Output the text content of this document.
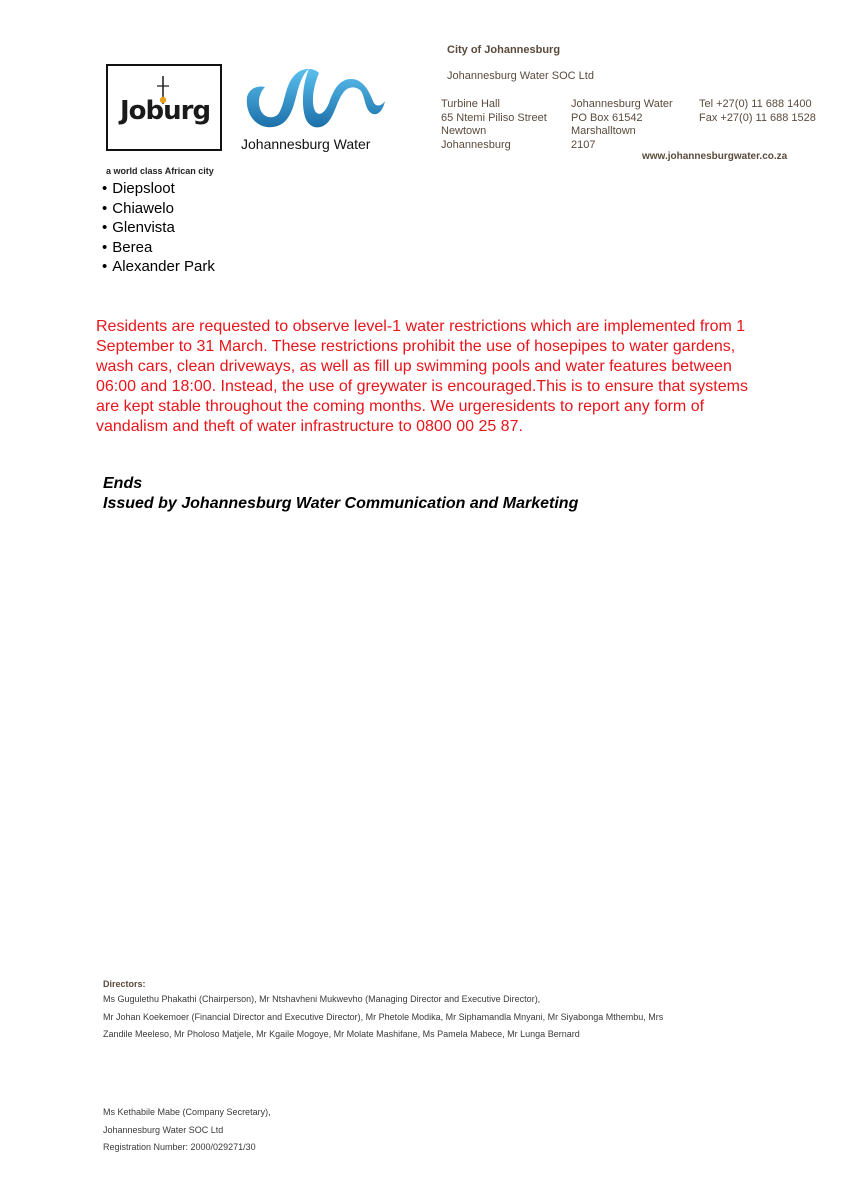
City of Johannesburg
Johannesburg Water SOC Ltd
Turbine Hall
65 Ntemi Piliso Street
Newtown
Johannesburg
Johannesburg Water
PO Box 61542
Marshalltown
2107
Tel +27(0) 11 688 1400
Fax +27(0) 11 688 1528
www.johannesburgwater.co.za
Joburg
a world class African city
Johannesburg Water
• Diepsloot
• Chiawelo
• Glenvista
• Berea
• Alexander Park

Residents are requested to observe level-1 water restrictions which are implemented from 1 September to 31 March. These restrictions prohibit the use of hosepipes to water gardens, wash cars, clean driveways, as well as fill up swimming pools and water features between 06:00 and 18:00. Instead, the use of greywater is encouraged.This is to ensure that systems are kept stable throughout the coming months. We urgeresidents to report any form of vandalism and theft of water infrastructure to 0800 00 25 87.

Ends
Issued by Johannesburg Water Communication and Marketing
Directors:
Ms Gugulethu Phakathi (Chairperson), Mr Ntshavheni Mukwevho (Managing Director and Executive Director),
Mr Johan Koekemoer (Financial Director and Executive Director), Mr Phetole Modika, Mr Siphamandla Mnyani, Mr Siyabonga Mthembu, Mrs
Zandile Meeleso, Mr Pholoso Matjele, Mr Kgaile Mogoye, Mr Molate Mashifane, Ms Pamela Mabece, Mr Lunga Bernard
Ms Kethabile Mabe (Company Secretary),
Johannesburg Water SOC Ltd
Registration Number: 2000/029271/30
